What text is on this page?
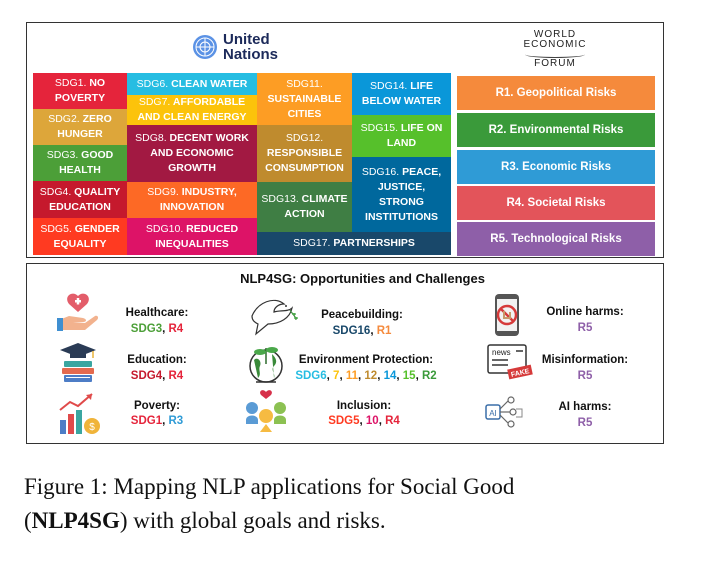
United
Nations
WORLD
ECONOMIC
FORUM
SDG1. NO POVERTY
SDG2. ZERO HUNGER
SDG3. GOOD HEALTH
SDG4. QUALITY EDUCATION
SDG5. GENDER EQUALITY
SDG6. CLEAN WATER
SDG7. AFFORDABLE AND CLEAN ENERGY
SDG8. DECENT WORK AND ECONOMIC GROWTH
SDG9. INDUSTRY, INNOVATION
SDG10. REDUCED INEQUALITIES
SDG11. SUSTAINABLE CITIES
SDG12. RESPONSIBLE CONSUMPTION
SDG13. CLIMATE ACTION
SDG14. LIFE BELOW WATER
SDG15. LIFE ON LAND
SDG16. PEACE, JUSTICE, STRONG INSTITUTIONS
SDG17. PARTNERSHIPS
R1. Geopolitical Risks
R2. Environmental Risks
R3. Economic Risks
R4. Societal Risks
R5. Technological Risks
NLP4SG: Opportunities and Challenges
Healthcare:
SDG3, R4
Education:
SDG4, R4
Poverty:
SDG1, R3
Peacebuilding:
SDG16, R1
Environment Protection:
SDG6, 7, 11, 12, 14, 15, R2
Inclusion:
SDG5, 10, R4
Online harms:
R5
Misinformation:
R5
AI harms:
R5
$
news
FAKE
AI
Figure 1: Mapping NLP applications for Social Good
(NLP4SG) with global goals and risks.
